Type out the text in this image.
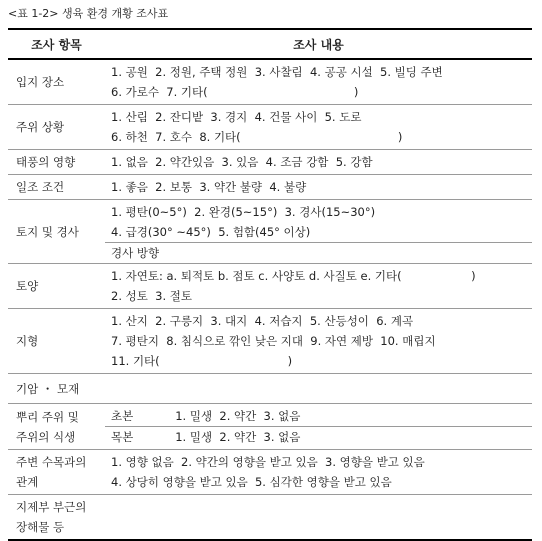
<표 1-2> 생육 환경 개황 조사표
조사 항목	조사 내용
입지 장소	1. 공원  2. 정원, 주택 정원  3. 사찰림  4. 공공 시설  5. 빌딩 주변
6. 가로수  7. 기타(                                        )

주위 상황	1. 산림  2. 잔디밭  3. 경지  4. 건물 사이  5. 도로
6. 하천  7. 호수  8. 기타(                                           )

태풍의 영향	1. 없음  2. 약간있음  3. 있음  4. 조금 강함  5. 강함

일조 조건	1. 좋음  2. 보통  3. 약간 불량  4. 불량

토지 및 경사	1. 평탄(0~5°)  2. 완경(5~15°)  3. 경사(15~30°)
4. 급경(30° ~45°)  5. 험함(45° 이상)
경사 방향

토양	1. 자연토: a. 퇴적토 b. 점토 c. 사양토 d. 사질토 e. 기타(                   )
2. 성토  3. 절토

지형	1. 산지  2. 구릉지  3. 대지  4. 저습지  5. 산등성이  6. 계곡
7. 평탄지  8. 침식으로 깎인 낮은 지대  9. 자연 제방  10. 매립지
11. 기타(                                   )

기암 ・ 모재	

뿌리 주위 및
주위의 식생	초본 1. 밀생  2. 약간  3. 없음
목본 1. 밀생  2. 약간  3. 없음

주변 수목과의
관계	1. 영향 없음  2. 약간의 영향을 받고 있음  3. 영향을 받고 있음
4. 상당히 영향을 받고 있음  5. 심각한 영향을 받고 있음

지제부 부근의
장해물 등	
